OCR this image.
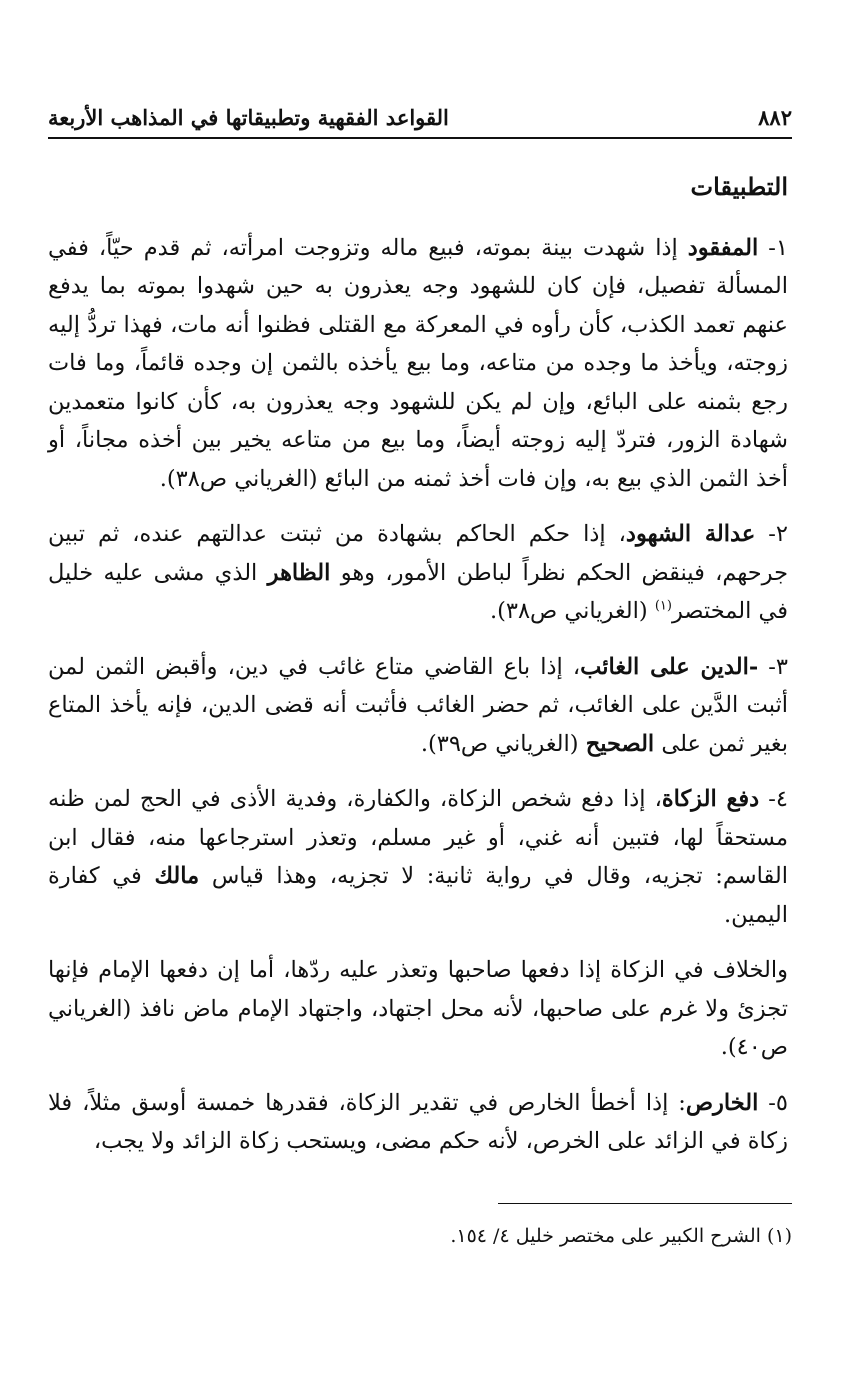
٨٨٢
القواعد الفقهية وتطبيقاتها في المذاهب الأربعة
التطبيقات

١- المفقود إذا شهدت بينة بموته، فبيع ماله وتزوجت امرأته، ثم قدم حيّاً، ففي المسألة تفصيل، فإن كان للشهود وجه يعذرون به حين شهدوا بموته بما يدفع عنهم تعمد الكذب، كأن رأوه في المعركة مع القتلى فظنوا أنه مات، فهذا تردُّ إليه زوجته، ويأخذ ما وجده من متاعه، وما بيع يأخذه بالثمن إن وجده قائماً، وما فات رجع بثمنه على البائع، وإن لم يكن للشهود وجه يعذرون به، كأن كانوا متعمدين شهادة الزور، فتردّ إليه زوجته أيضاً، وما بيع من متاعه يخير بين أخذه مجاناً، أو أخذ الثمن الذي بيع به، وإن فات أخذ ثمنه من البائع (الغرياني ص٣٨).

٢- عدالة الشهود، إذا حكم الحاكم بشهادة من ثبتت عدالتهم عنده، ثم تبين جرحهم، فينقض الحكم نظراً لباطن الأمور، وهو الظاهر الذي مشى عليه خليل في المختصر$^{(١)}$ (الغرياني ص٣٨).

٣- -الدين على الغائب، إذا باع القاضي متاع غائب في دين، وأقبض الثمن لمن أثبت الدَّين على الغائب، ثم حضر الغائب فأثبت أنه قضى الدين، فإنه يأخذ المتاع بغير ثمن على الصحيح (الغرياني ص٣٩).

٤- دفع الزكاة، إذا دفع شخص الزكاة، والكفارة، وفدية الأذى في الحج لمن ظنه مستحقاً لها، فتبين أنه غني، أو غير مسلم، وتعذر استرجاعها منه، فقال ابن القاسم: تجزيه، وقال في رواية ثانية: لا تجزيه، وهذا قياس مالك في كفارة اليمين.

والخلاف في الزكاة إذا دفعها صاحبها وتعذر عليه ردّها، أما إن دفعها الإمام فإنها تجزئ ولا غرم على صاحبها، لأنه محل اجتهاد، واجتهاد الإمام ماض نافذ (الغرياني ص٤٠).

٥- الخارص: إذا أخطأ الخارص في تقدير الزكاة، فقدرها خمسة أوسق مثلاً، فلا زكاة في الزائد على الخرص، لأنه حكم مضى، ويستحب زكاة الزائد ولا يجب،

(١) الشرح الكبير على مختصر خليل ٤/ ١٥٤.
